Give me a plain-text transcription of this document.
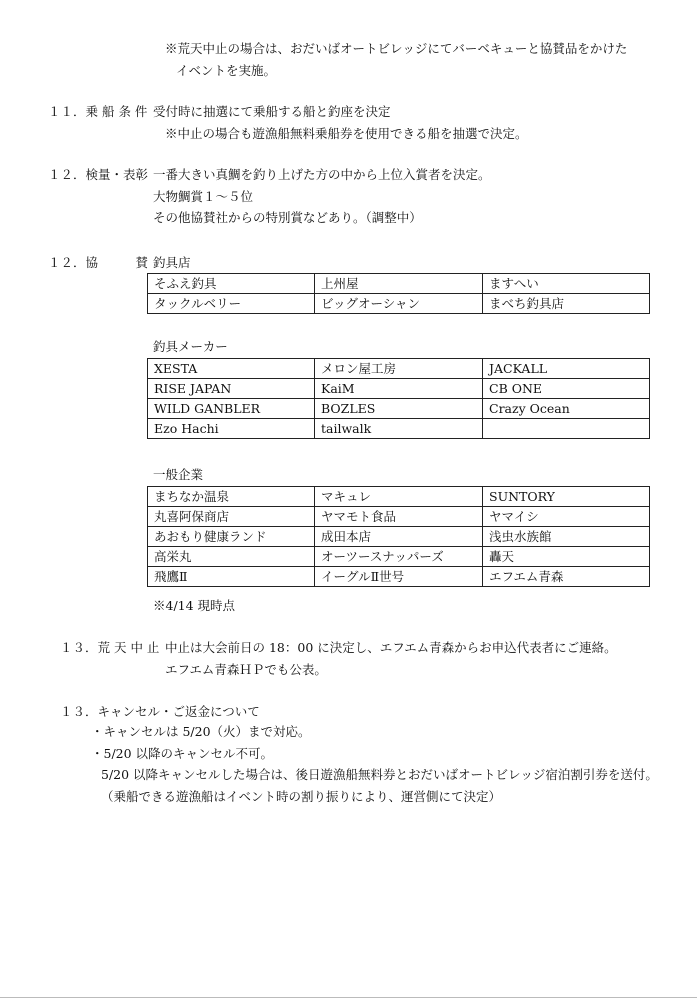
※荒天中止の場合は、おだいばオートビレッジにてバーベキューと協賛品をかけた
イベントを実施。
１１．乗 船 条 件 受付時に抽選にて乗船する船と釣座を決定
※中止の場合も遊漁船無料乗船券を使用できる船を抽選で決定。
１２．検量・表彰 一番大きい真鯛を釣り上げた方の中から上位入賞者を決定。
大物鯛賞１～５位
その他協賛社からの特別賞などあり。（調整中）
１２．協　　　賛 釣具店
そふえ釣具	上州屋	ますへい
タックルベリー	ビッグオーシャン	まべち釣具店
釣具メーカー
XESTA	メロン屋工房	JACKALL
RISE JAPAN	KaiM	CB ONE
WILD GANBLER	BOZLES	Crazy Ocean
Ezo Hachi	tailwalk	
一般企業
まちなか温泉	マキュレ	SUNTORY
丸喜阿保商店	ヤマモト食品	ヤマイシ
あおもり健康ランド	成田本店	浅虫水族館
高栄丸	オーツースナッパーズ	轟天
飛鷹Ⅱ	イーグルⅡ世号	エフエム青森
※4/14 現時点
１３．荒 天 中 止 中止は大会前日の 18：00 に決定し、エフエム青森からお申込代表者にご連絡。
エフエム青森ＨＰでも公表。
１３．キャンセル・ご返金について
・キャンセルは 5/20（火）まで対応。
・5/20 以降のキャンセル不可。
5/20 以降キャンセルした場合は、後日遊漁船無料券とおだいばオートビレッジ宿泊割引券を送付。
（乗船できる遊漁船はイベント時の割り振りにより、運営側にて決定）
